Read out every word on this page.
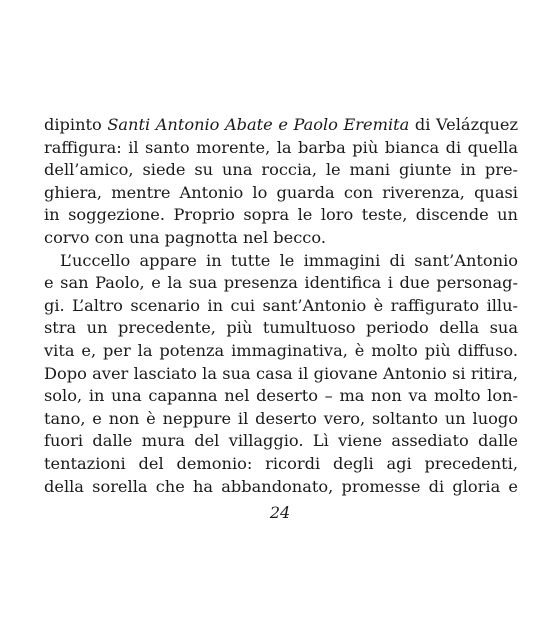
dipinto Santi Antonio Abate e Paolo Eremita di Velázquez
raffigura: il santo morente, la barba più bianca di quella
dell’amico, siede su una roccia, le mani giunte in pre-
ghiera, mentre Antonio lo guarda con riverenza, quasi
in soggezione. Proprio sopra le loro teste, discende un
corvo con una pagnotta nel becco.
L’uccello appare in tutte le immagini di sant’Antonio
e san Paolo, e la sua presenza identifica i due personag-
gi. L’altro scenario in cui sant’Antonio è raffigurato illu-
stra un precedente, più tumultuoso periodo della sua
vita e, per la potenza immaginativa, è molto più diffuso.
Dopo aver lasciato la sua casa il giovane Antonio si ritira,
solo, in una capanna nel deserto – ma non va molto lon-
tano, e non è neppure il deserto vero, soltanto un luogo
fuori dalle mura del villaggio. Lì viene assediato dalle
tentazioni del demonio: ricordi degli agi precedenti,
della sorella che ha abbandonato, promesse di gloria e
24
